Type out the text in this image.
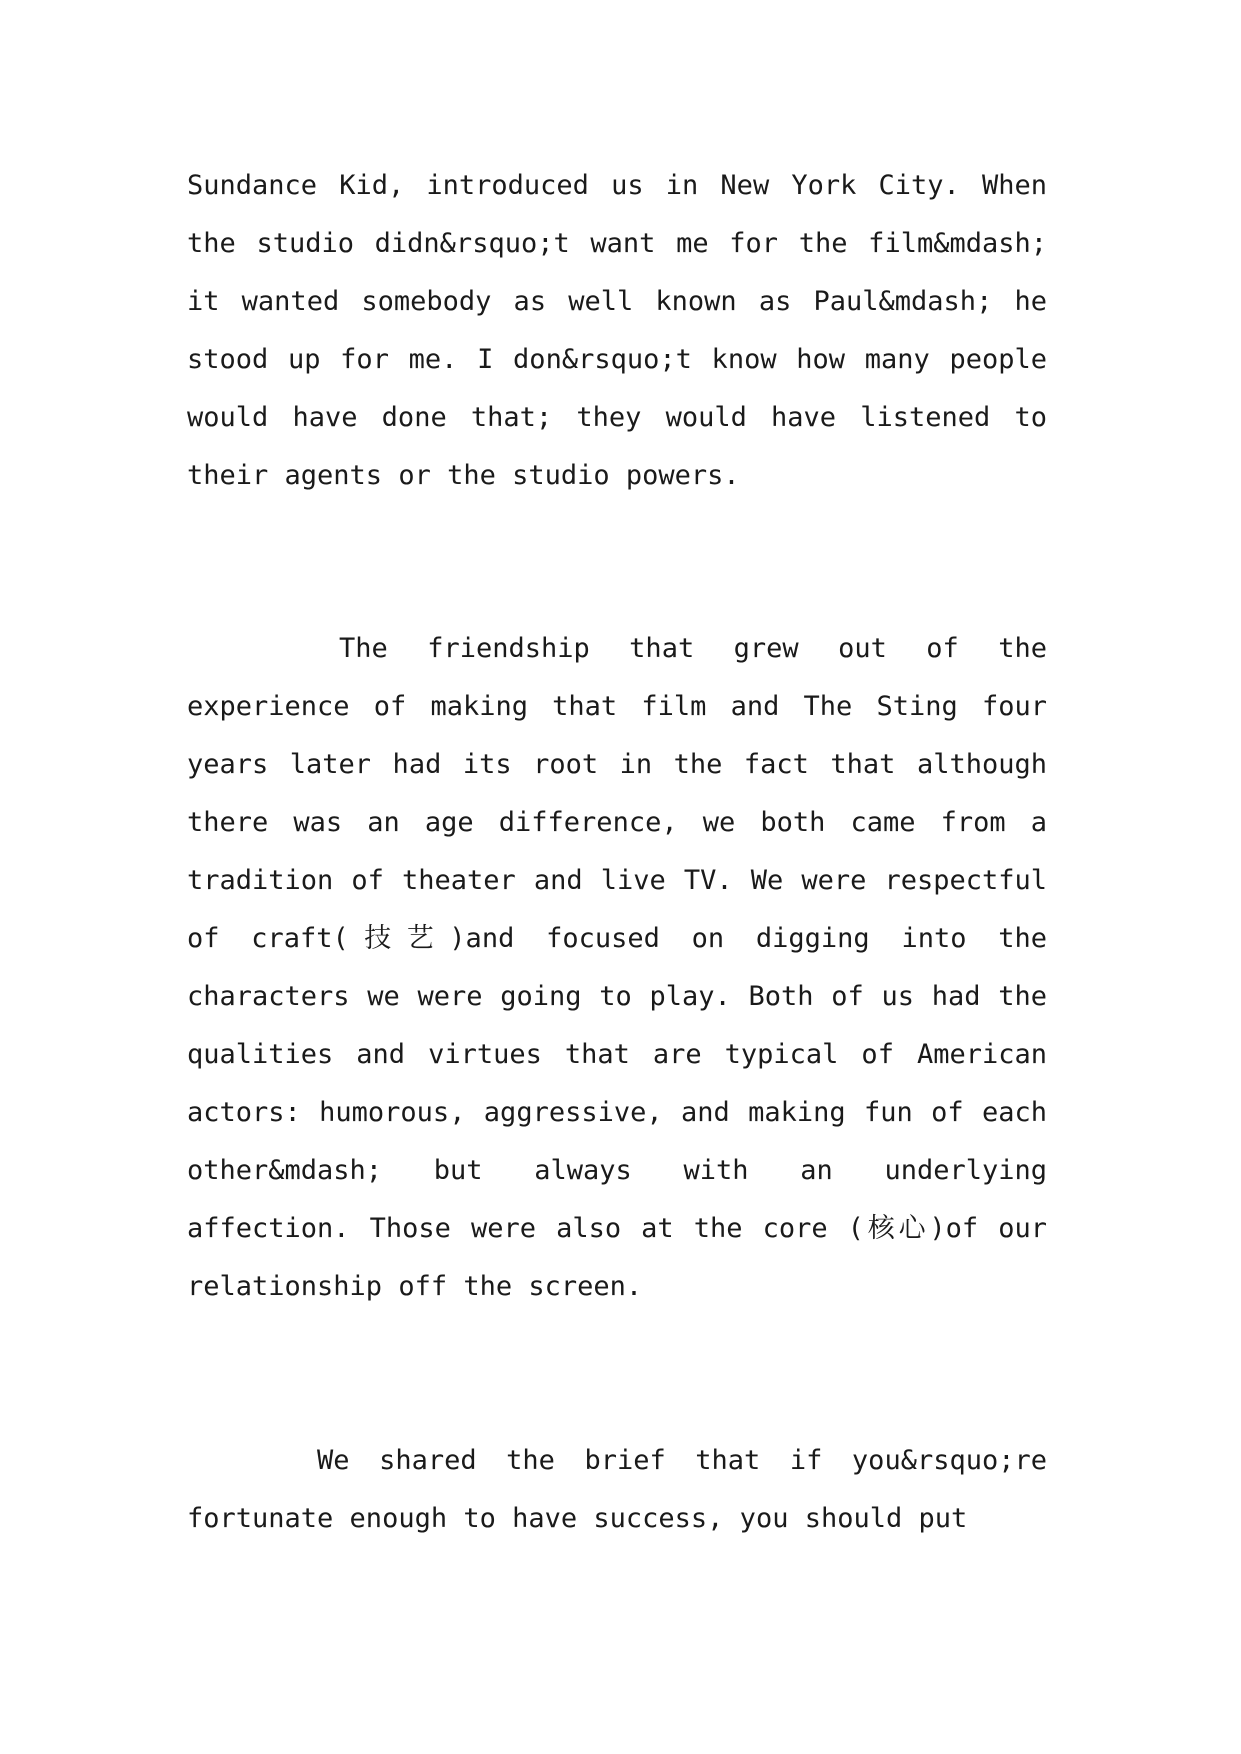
Sundance Kid, introduced us in New York City. When the studio didn&rsquo;t want me for the film&mdash; it wanted somebody as well known as Paul&mdash; he stood up for me. I don&rsquo;t know how many people would have done that; they would have listened to their agents or the studio powers.

The friendship that grew out of the experience of making that film and The Sting four years later had its root in the fact that although there was an age difference, we both came from a tradition of theater and live TV. We were respectful of craft(技艺)and focused on digging into the characters we were going to play. Both of us had the qualities and virtues that are typical of American actors: humorous, aggressive, and making fun of each other&mdash; but always with an underlying affection. Those were also at the core (核心)of our relationship off the screen.

We shared the brief that if you&rsquo;re fortunate enough to have success, you should put
